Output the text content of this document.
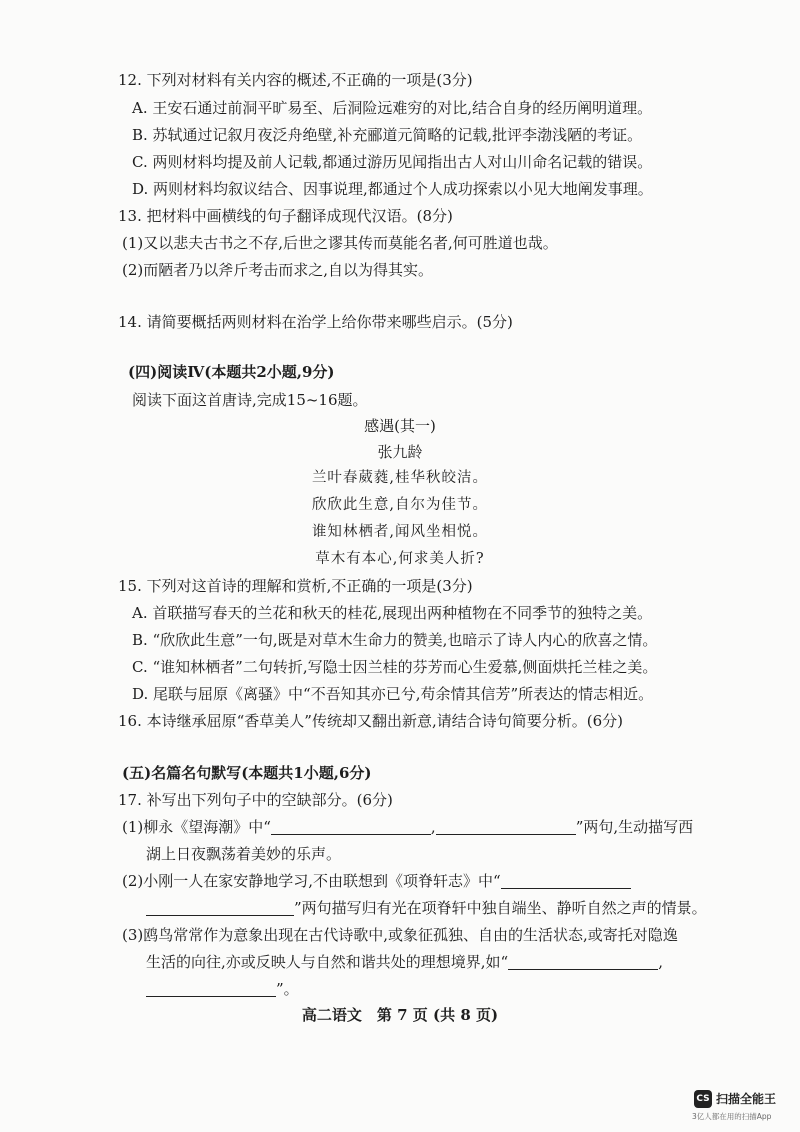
12. 下列对材料有关内容的概述,不正确的一项是(3分)
A. 王安石通过前洞平旷易至、后洞险远难穷的对比,结合自身的经历阐明道理。
B. 苏轼通过记叙月夜泛舟绝壁,补充郦道元简略的记载,批评李渤浅陋的考证。
C. 两则材料均提及前人记载,都通过游历见闻指出古人对山川命名记载的错误。
D. 两则材料均叙议结合、因事说理,都通过个人成功探索以小见大地阐发事理。
13. 把材料中画横线的句子翻译成现代汉语。(8分)
(1)又以悲夫古书之不存,后世之谬其传而莫能名者,何可胜道也哉。
(2)而陋者乃以斧斤考击而求之,自以为得其实。
14. 请简要概括两则材料在治学上给你带来哪些启示。(5分)
(四)阅读Ⅳ(本题共2小题,9分)
阅读下面这首唐诗,完成15~16题。
感遇(其一)
张九龄
兰叶春葳蕤,桂华秋皎洁。
欣欣此生意,自尔为佳节。
谁知林栖者,闻风坐相悦。
草木有本心,何求美人折?
15. 下列对这首诗的理解和赏析,不正确的一项是(3分)
A. 首联描写春天的兰花和秋天的桂花,展现出两种植物在不同季节的独特之美。
B. “欣欣此生意”一句,既是对草木生命力的赞美,也暗示了诗人内心的欣喜之情。
C. “谁知林栖者”二句转折,写隐士因兰桂的芬芳而心生爱慕,侧面烘托兰桂之美。
D. 尾联与屈原《离骚》中“不吾知其亦已兮,苟余情其信芳”所表达的情志相近。
16. 本诗继承屈原“香草美人”传统却又翻出新意,请结合诗句简要分析。(6分)
(五)名篇名句默写(本题共1小题,6分)
17. 补写出下列句子中的空缺部分。(6分)
(1)柳永《望海潮》中“	,	”两句,生动描写西
湖上日夜飘荡着美妙的乐声。
(2)小刚一人在家安静地学习,不由联想到《项脊轩志》中“
”两句描写归有光在项脊轩中独自端坐、静听自然之声的情景。
(3)鸥鸟常常作为意象出现在古代诗歌中,或象征孤独、自由的生活状态,或寄托对隐逸
生活的向往,亦或反映人与自然和谐共处的理想境界,如“	,
”。
高二语文　第 7 页 (共 8 页)
CS 扫描全能王
3亿人都在用的扫描App
